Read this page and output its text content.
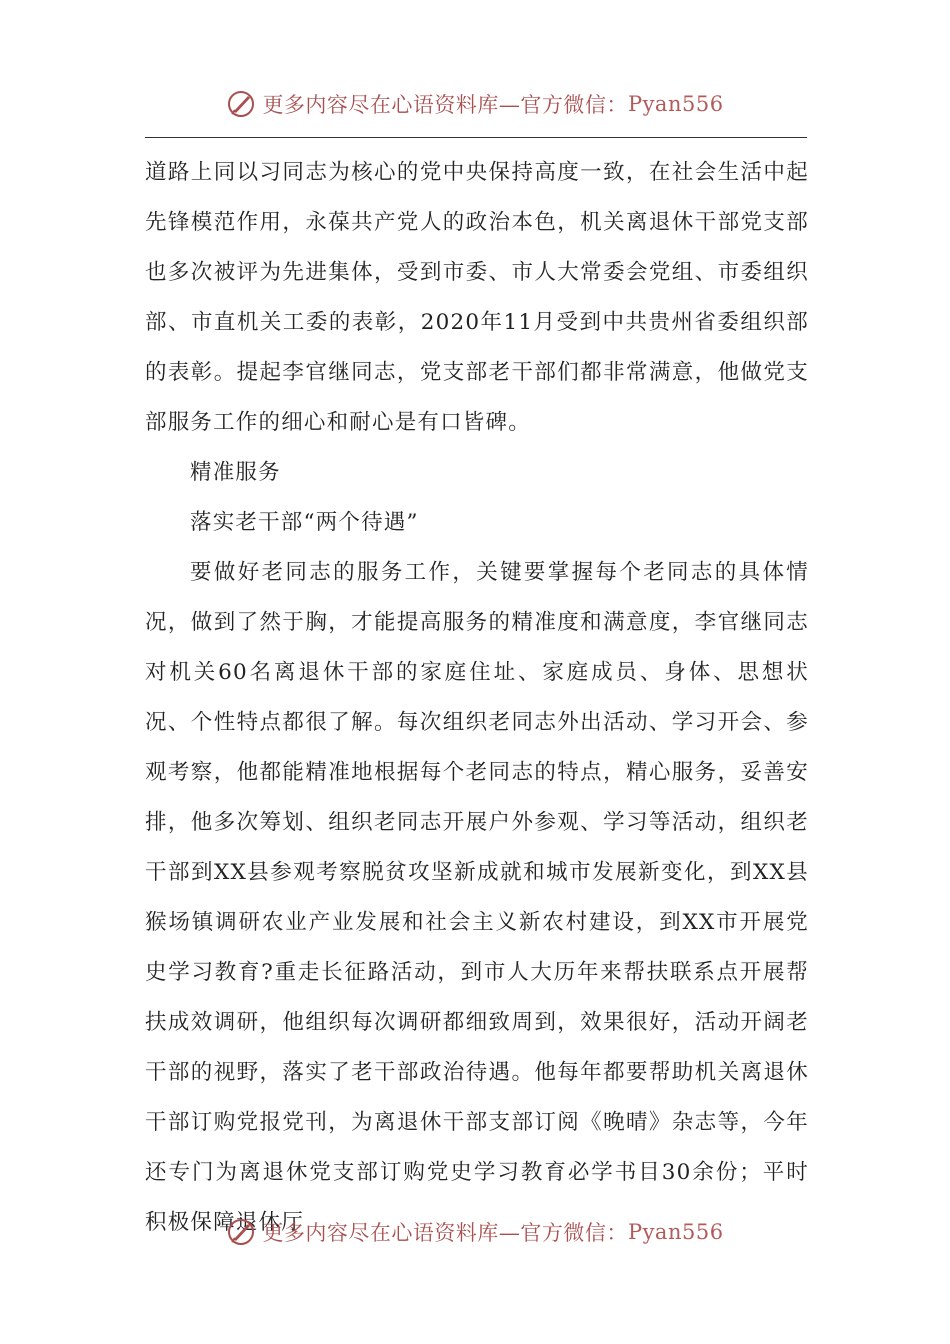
更多内容尽在心语资料库—官方微信： Pyan556

道路上同以习同志为核心的党中央保持高度一致，在社会生活中起先锋模范作用，永葆共产党人的政治本色，机关离退休干部党支部也多次被评为先进集体，受到市委、市人大常委会党组、市委组织部、市直机关工委的表彰，2020年11月受到中共贵州省委组织部的表彰。提起李官继同志，党支部老干部们都非常满意，他做党支部服务工作的细心和耐心是有口皆碑。

精准服务

落实老干部“两个待遇”

要做好老同志的服务工作，关键要掌握每个老同志的具体情况，做到了然于胸，才能提高服务的精准度和满意度，李官继同志对机关60名离退休干部的家庭住址、家庭成员、身体、思想状况、个性特点都很了解。每次组织老同志外出活动、学习开会、参观考察，他都能精准地根据每个老同志的特点，精心服务，妥善安排，他多次筹划、组织老同志开展户外参观、学习等活动，组织老干部到XX县参观考察脱贫攻坚新成就和城市发展新变化，到XX县猴场镇调研农业产业发展和社会主义新农村建设，到XX市开展党史学习教育?重走长征路活动，到市人大历年来帮扶联系点开展帮扶成效调研，他组织每次调研都细致周到，效果很好，活动开阔老干部的视野，落实了老干部政治待遇。他每年都要帮助机关离退休干部订购党报党刊，为离退休干部支部订阅《晚晴》杂志等，今年还专门为离退休党支部订购党史学习教育必学书目30余份；平时积极保障退休厅

更多内容尽在心语资料库—官方微信： Pyan556
